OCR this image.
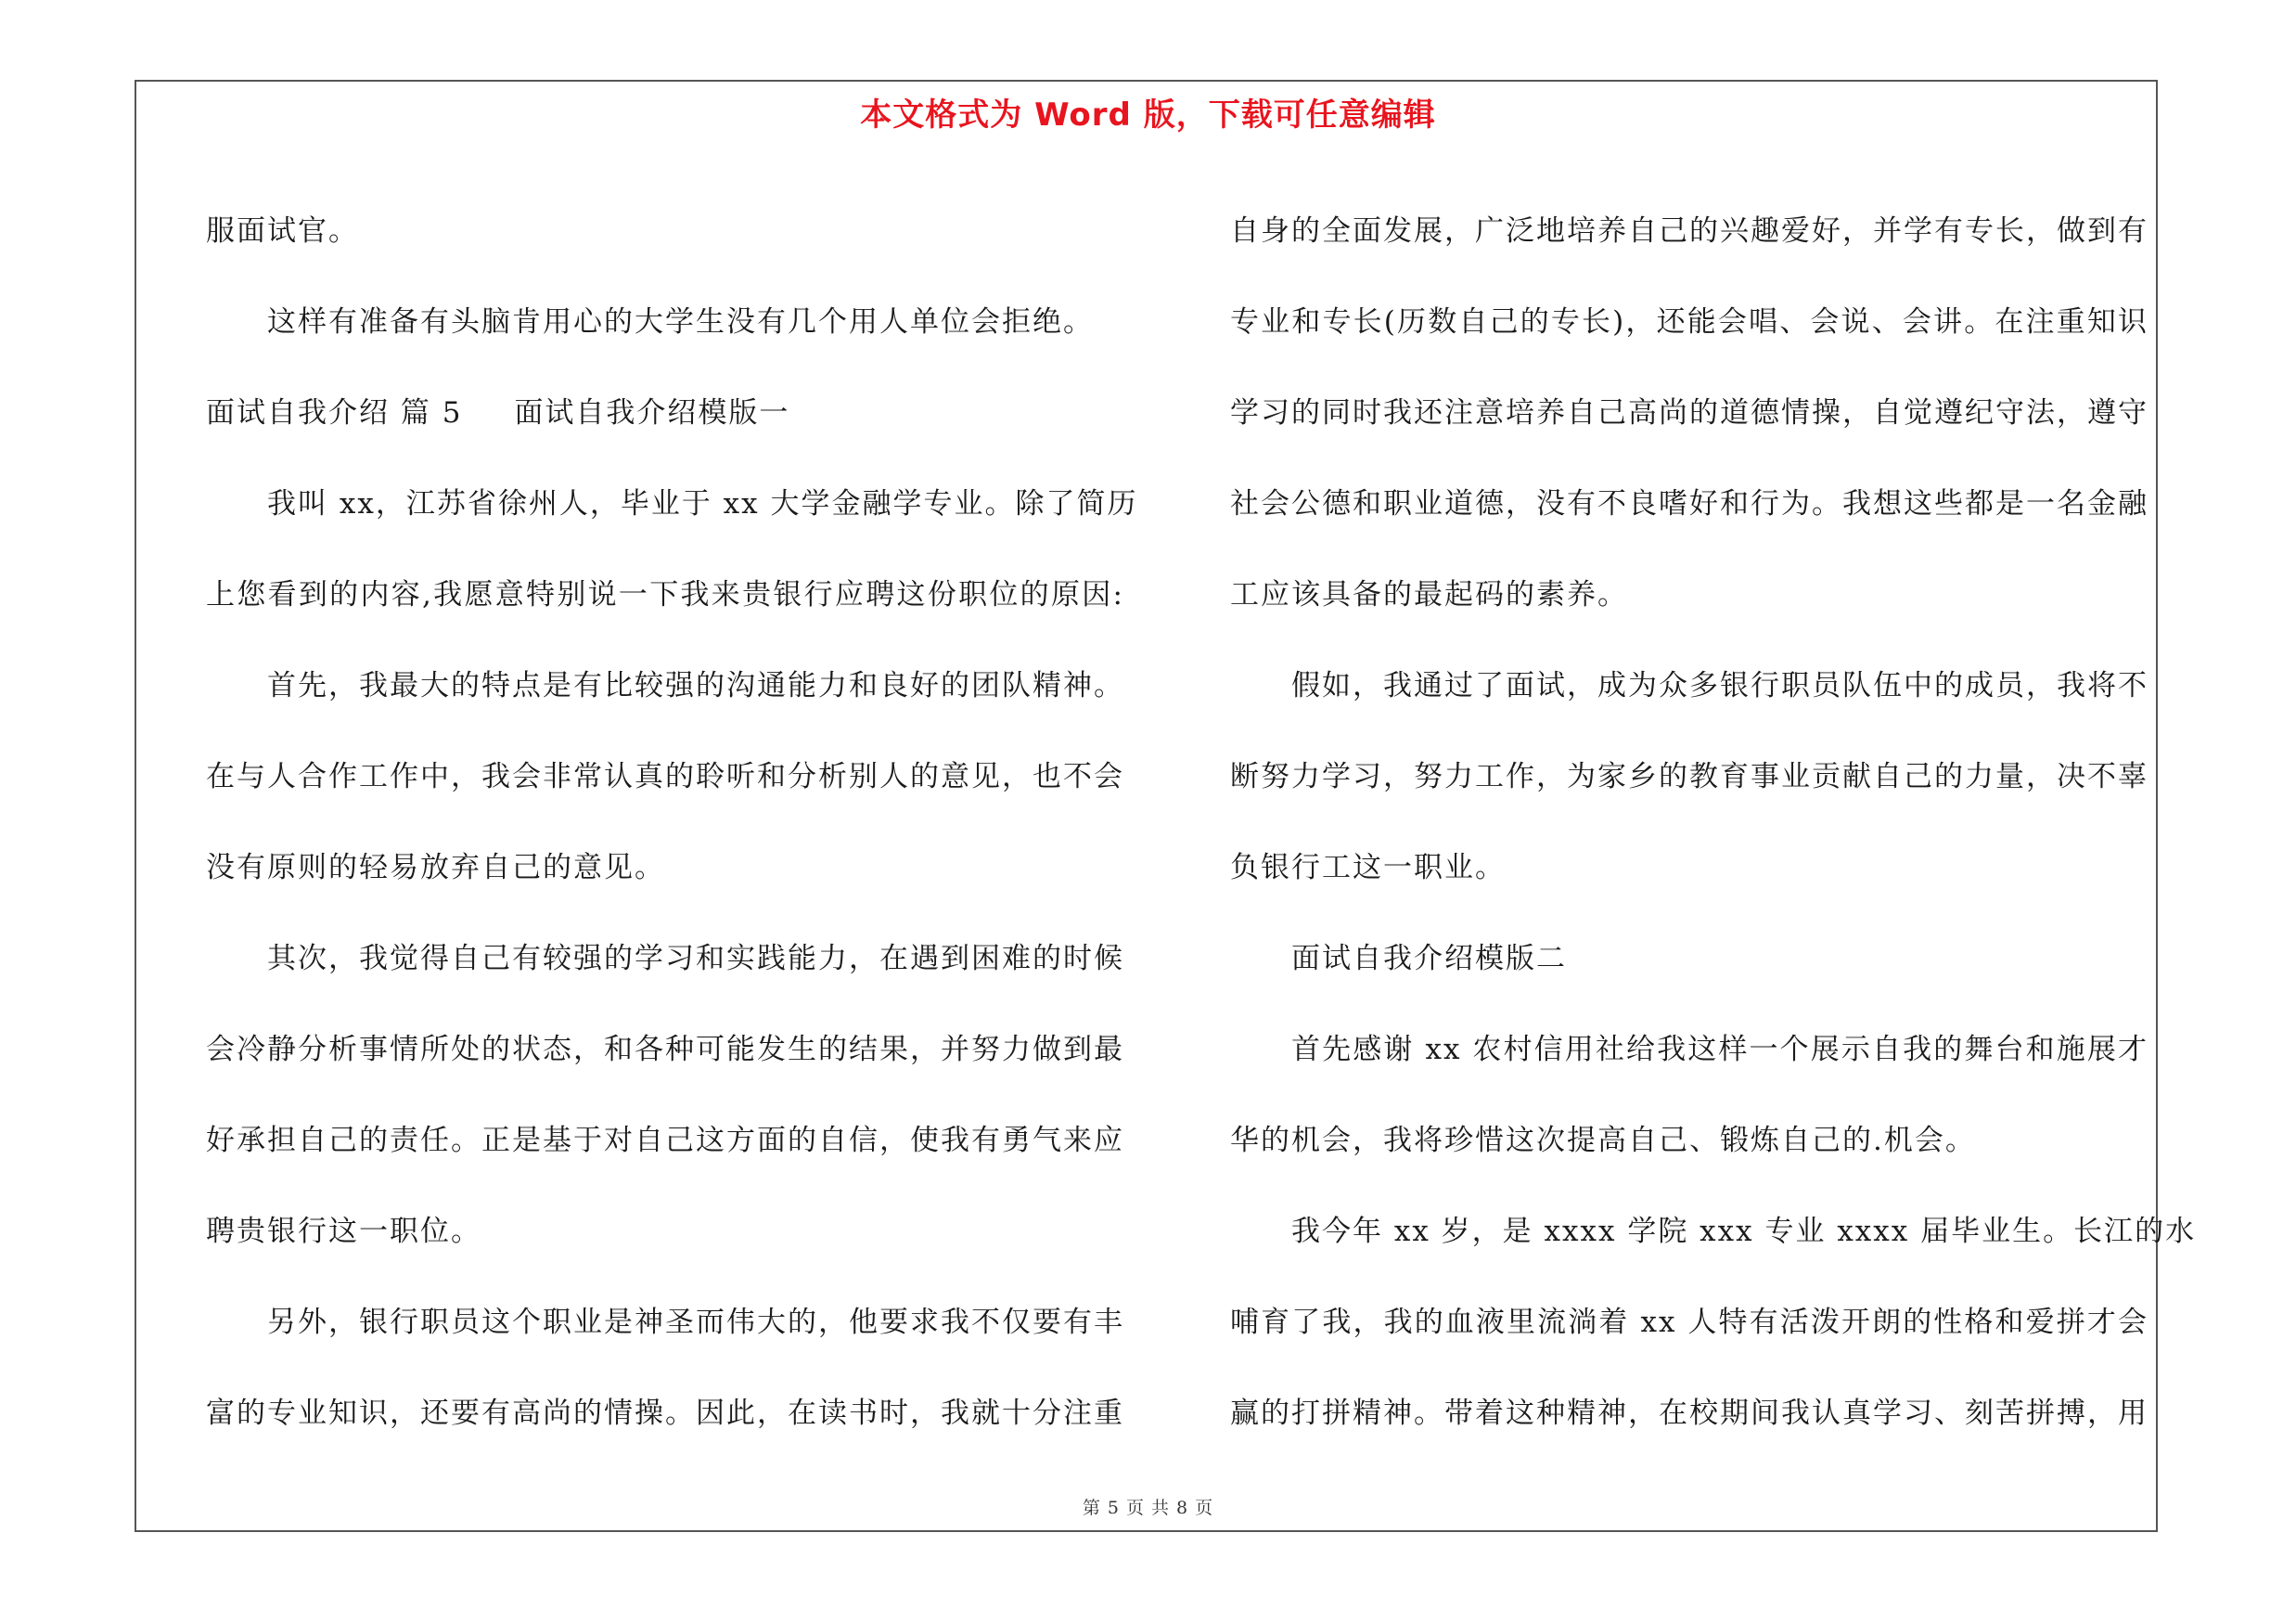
本文格式为 Word 版，下载可任意编辑

服面试官。

这样有准备有头脑肯用心的大学生没有几个用人单位会拒绝。

面试自我介绍 篇 5 面试自我介绍模版一

我叫 xx，江苏省徐州人，毕业于 xx 大学金融学专业。除了简历

上您看到的内容,我愿意特别说一下我来贵银行应聘这份职位的原因:

首先，我最大的特点是有比较强的沟通能力和良好的团队精神。

在与人合作工作中，我会非常认真的聆听和分析别人的意见，也不会

没有原则的轻易放弃自己的意见。

其次，我觉得自己有较强的学习和实践能力，在遇到困难的时候

会冷静分析事情所处的状态，和各种可能发生的结果，并努力做到最

好承担自己的责任。正是基于对自己这方面的自信，使我有勇气来应

聘贵银行这一职位。

另外，银行职员这个职业是神圣而伟大的，他要求我不仅要有丰

富的专业知识，还要有高尚的情操。因此，在读书时，我就十分注重

自身的全面发展，广泛地培养自己的兴趣爱好，并学有专长，做到有

专业和专长(历数自己的专长)，还能会唱、会说、会讲。在注重知识

学习的同时我还注意培养自己高尚的道德情操，自觉遵纪守法，遵守

社会公德和职业道德，没有不良嗜好和行为。我想这些都是一名金融

工应该具备的最起码的素养。

假如，我通过了面试，成为众多银行职员队伍中的成员，我将不

断努力学习，努力工作，为家乡的教育事业贡献自己的力量，决不辜

负银行工这一职业。

面试自我介绍模版二

首先感谢 xx 农村信用社给我这样一个展示自我的舞台和施展才

华的机会，我将珍惜这次提高自己、锻炼自己的.机会。

我今年 xx 岁，是 xxxx 学院 xxx 专业 xxxx 届毕业生。长江的水

哺育了我，我的血液里流淌着 xx 人特有活泼开朗的性格和爱拼才会

赢的打拼精神。带着这种精神，在校期间我认真学习、刻苦拼搏，用

第 5 页 共 8 页
